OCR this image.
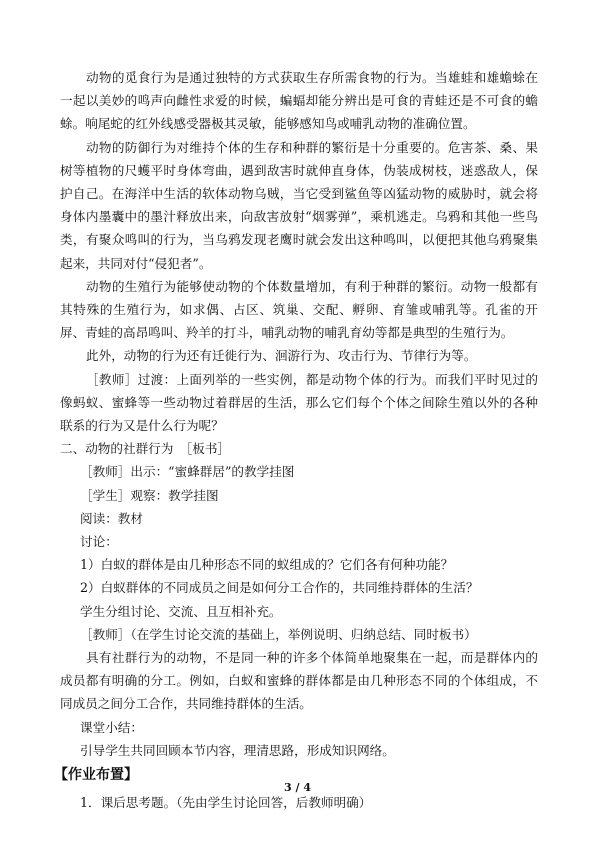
动物的觅食行为是通过独特的方式获取生存所需食物的行为。当雄蛙和雄蟾蜍在一起以美妙的鸣声向雌性求爱的时候，蝙蝠却能分辨出是可食的青蛙还是不可食的蟾蜍。响尾蛇的红外线感受器极其灵敏，能够感知鸟或哺乳动物的准确位置。

动物的防御行为对维持个体的生存和种群的繁衍是十分重要的。危害茶、桑、果树等植物的尺蠖平时身体弯曲，遇到敌害时就伸直身体，伪装成树枝，迷惑敌人，保护自己。在海洋中生活的软体动物乌贼，当它受到鲨鱼等凶猛动物的威胁时，就会将身体内墨囊中的墨汁释放出来，向敌害放射“烟雾弹”，乘机逃走。乌鸦和其他一些鸟类，有聚众鸣叫的行为，当乌鸦发现老鹰时就会发出这种鸣叫，以便把其他乌鸦聚集起来，共同对付“侵犯者”。

动物的生殖行为能够使动物的个体数量增加，有利于种群的繁衍。动物一般都有其特殊的生殖行为，如求偶、占区、筑巢、交配、孵卵、育雏或哺乳等。孔雀的开屏、青蛙的高昂鸣叫、羚羊的打斗，哺乳动物的哺乳育幼等都是典型的生殖行为。

此外，动物的行为还有迁徙行为、洄游行为、攻击行为、节律行为等。

［教师］过渡：上面列举的一些实例，都是动物个体的行为。而我们平时见过的像蚂蚁、蜜蜂等一些动物过着群居的生活，那么它们每个个体之间除生殖以外的各种联系的行为又是什么行为呢？

二、动物的社群行为　［板书］

［教师］出示：“蜜蜂群居”的教学挂图

［学生］观察：教学挂图

阅读：教材

讨论：

1）白蚁的群体是由几种形态不同的蚁组成的？它们各有何种功能？

2）白蚁群体的不同成员之间是如何分工合作的，共同维持群体的生活？

学生分组讨论、交流、且互相补充。

［教师］（在学生讨论交流的基础上，举例说明、归纳总结、同时板书）

具有社群行为的动物，不是同一种的许多个体简单地聚集在一起，而是群体内的成员都有明确的分工。例如，白蚁和蜜蜂的群体都是由几种形态不同的个体组成，不同成员之间分工合作，共同维持群体的生活。

课堂小结：

引导学生共同回顾本节内容，理清思路，形成知识网络。

【作业布置】

1．课后思考题。（先由学生讨论回答，后教师明确）

3 / 4
